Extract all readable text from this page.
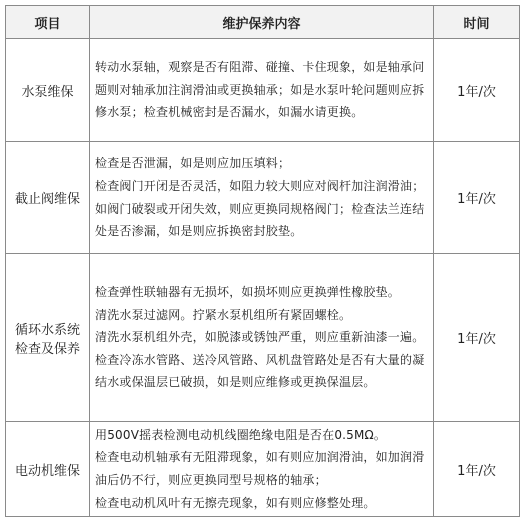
项目	维护保养内容	时间
水泵维保	转动水泵轴，观察是否有阻滞、碰撞、卡住现象，如是轴承问题则对轴承加注润滑油或更换轴承；如是水泵叶轮问题则应拆修水泵；检查机械密封是否漏水，如漏水请更换。	1年/次
截止阀维保	检查是否泄漏，如是则应加压填料；
检查阀门开闭是否灵活，如阻力较大则应对阀杆加注润滑油；如阀门破裂或开闭失效，则应更换同规格阀门；检查法兰连结处是否渗漏，如是则应拆换密封胶垫。	1年/次
循环水系统检查及保养	检查弹性联轴器有无损坏，如损坏则应更换弹性橡胶垫。
清洗水泵过滤网。拧紧水泵机组所有紧固螺栓。
清洗水泵机组外壳，如脱漆或锈蚀严重，则应重新油漆一遍。
检查冷冻水管路、送冷风管路、风机盘管路处是否有大量的凝结水或保温层已破损，如是则应维修或更换保温层。	1年/次
电动机维保	用500V摇表检测电动机线圈绝缘电阻是否在0.5MΩ。
检查电动机轴承有无阻滞现象，如有则应加润滑油，如加润滑油后仍不行，则应更换同型号规格的轴承；
检查电动机风叶有无擦壳现象，如有则应修整处理。	1年/次
